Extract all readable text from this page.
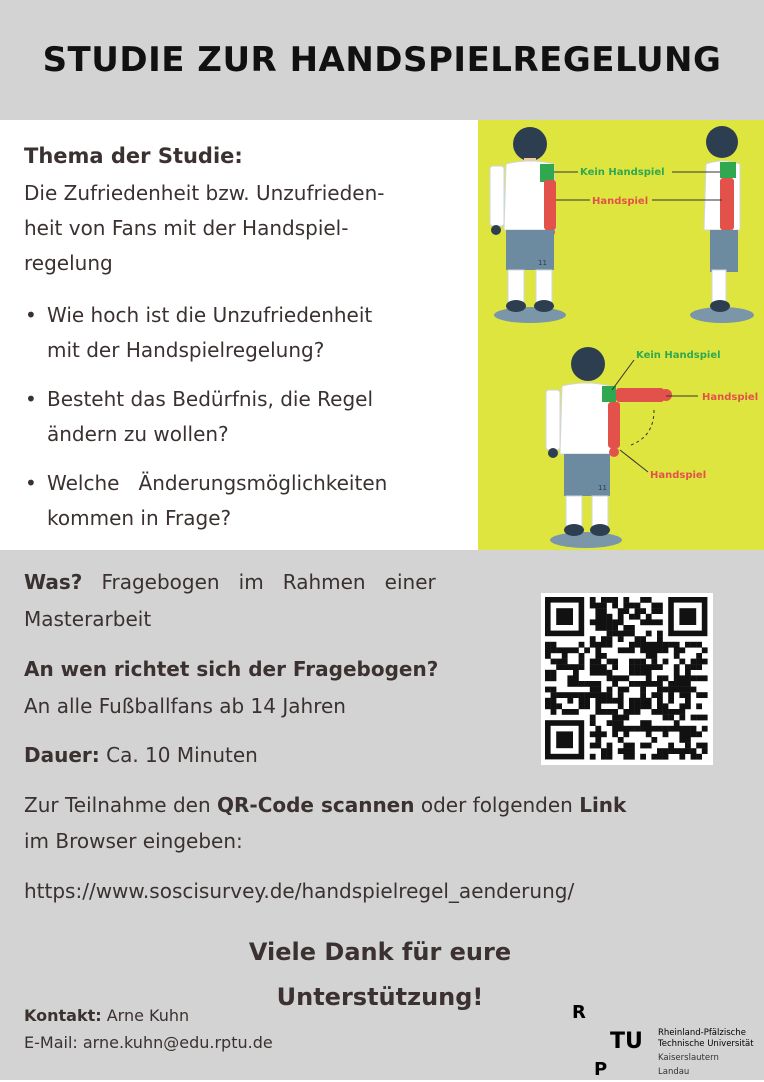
STUDIE ZUR HANDSPIELREGELUNG
Thema der Studie:
Die Zufriedenheit bzw. Unzufrieden-
heit von Fans mit der Handspiel-
regelung
• Wie hoch ist die Unzufriedenheit
mit der Handspielregelung?
• Besteht das Bedürfnis, die Regel
ändern zu wollen?
• Welche   Änderungsmöglichkeiten
kommen in Frage?
11
Kein Handspiel
Handspiel
11
Kein Handspiel
Handspiel
Handspiel
Was? Fragebogen   im   Rahmen   einer
Masterarbeit
An wen richtet sich der Fragebogen?
An alle Fußballfans ab 14 Jahren
Dauer: Ca. 10 Minuten
Zur Teilnahme den QR-Code scannen oder folgenden Link
im Browser eingeben:
https://www.soscisurvey.de/handspielregel_aenderung/
Viele Dank für eure
Unterstützung!
Kontakt: Arne Kuhn
E-Mail: arne.kuhn@edu.rptu.de
R
P
TU Rheinland-Pfälzische
Technische Universität
Kaiserslautern
Landau
